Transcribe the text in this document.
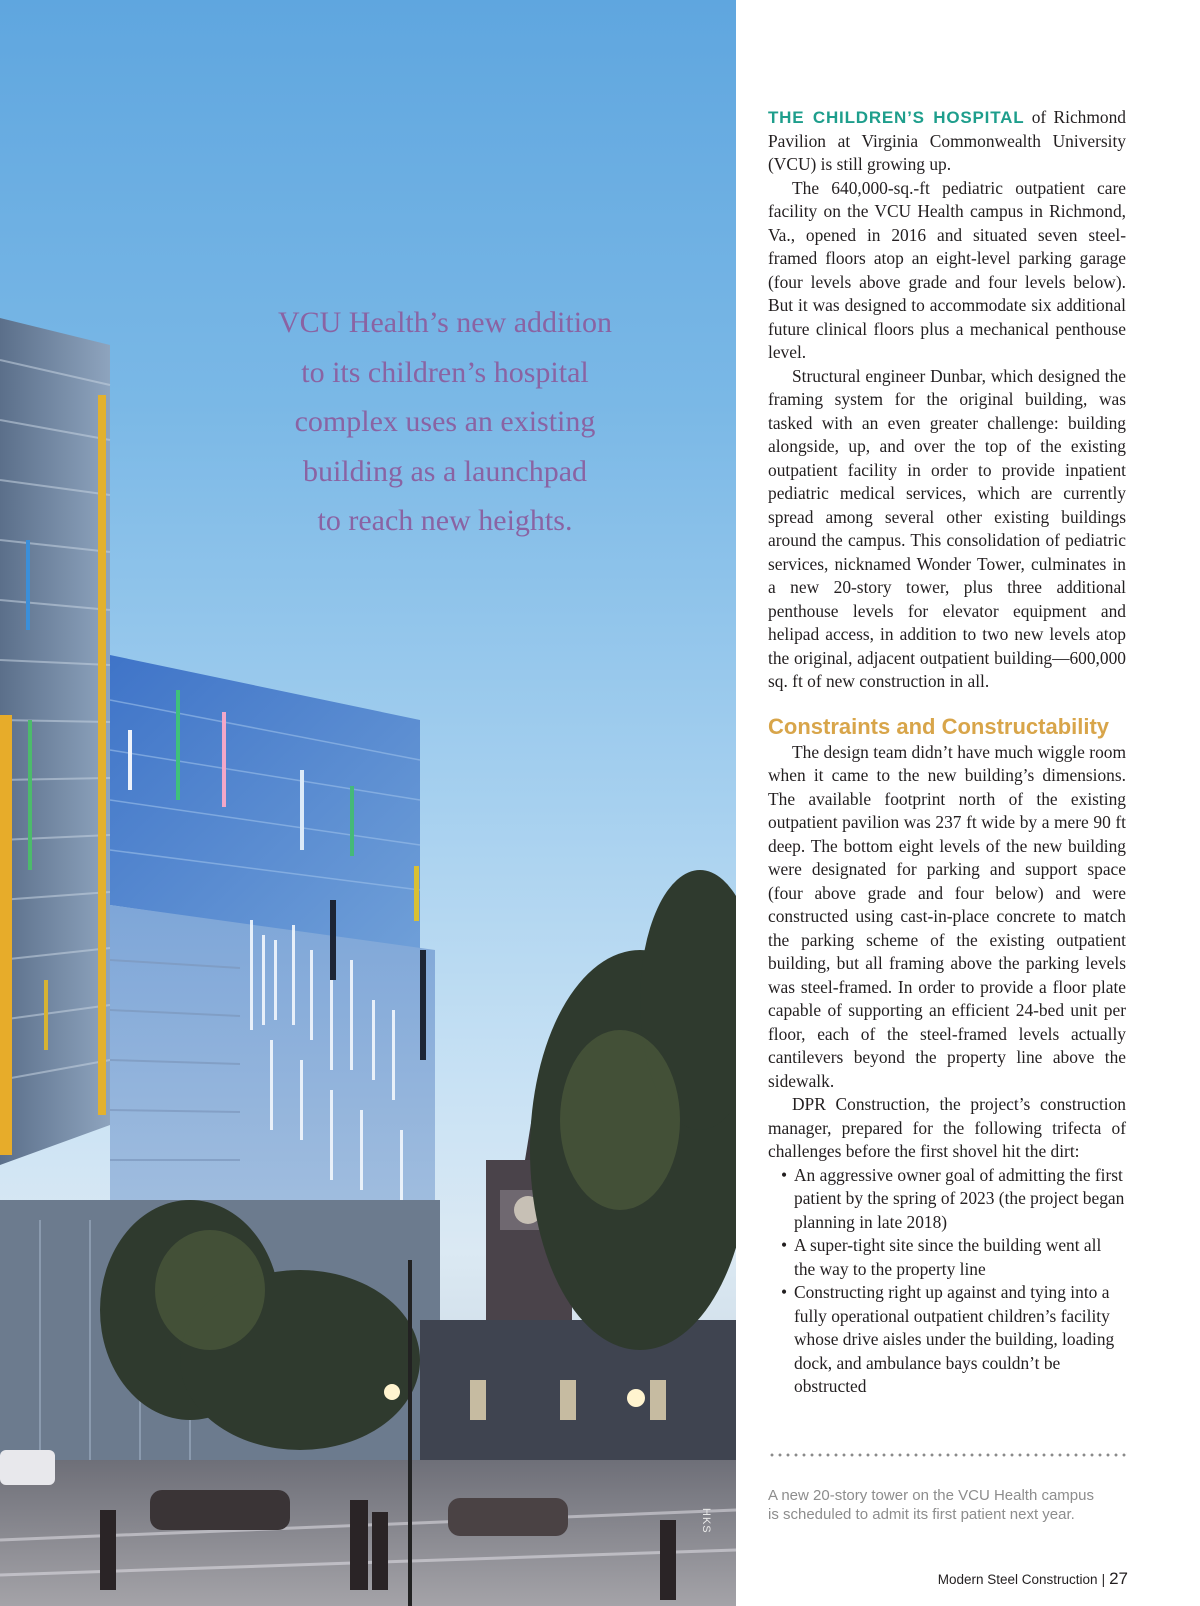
VCU Health’s new addition
to its children’s hospital
complex uses an existing
building as a launchpad
to reach new heights.
HKS

THE CHILDREN’S HOSPITAL of Richmond Pavilion at Virginia Commonwealth University (VCU) is still growing up.

The 640,000-sq.-ft pediatric outpatient care facility on the VCU Health campus in Richmond, Va., opened in 2016 and situated seven steel-framed floors atop an eight-level parking garage (four levels above grade and four levels below). But it was designed to accommodate six additional future clinical floors plus a mechanical penthouse level.

Structural engineer Dunbar, which designed the framing system for the original building, was tasked with an even greater challenge: building alongside, up, and over the top of the existing outpatient facility in order to provide inpatient pediatric medical services, which are currently spread among several other existing buildings around the campus. This consolidation of pediatric services, nicknamed Wonder Tower, culminates in a new 20-story tower, plus three additional penthouse levels for elevator equipment and helipad access, in addition to two new levels atop the original, adjacent outpatient building—600,000 sq. ft of new construction in all.

Constraints and Constructability

The design team didn’t have much wiggle room when it came to the new building’s dimensions. The available footprint north of the existing outpatient pavilion was 237 ft wide by a mere 90 ft deep. The bottom eight levels of the new building were designated for parking and support space (four above grade and four below) and were constructed using cast-in-place concrete to match the parking scheme of the existing outpatient building, but all framing above the parking levels was steel-framed. In order to provide a floor plate capable of supporting an efficient 24-bed unit per floor, each of the steel-framed levels actually cantilevers beyond the property line above the sidewalk.

DPR Construction, the project’s construction manager, prepared for the following trifecta of challenges before the first shovel hit the dirt:

• An aggressive owner goal of admitting the first patient by the spring of 2023 (the project began planning in late 2018)
• A super-tight site since the building went all the way to the property line
• Constructing right up against and tying into a fully operational outpatient children’s facility whose drive aisles under the building, loading dock, and ambulance bays couldn’t be obstructed
A new 20-story tower on the VCU Health campus
is scheduled to admit its first patient next year.
Modern Steel Construction | 27
